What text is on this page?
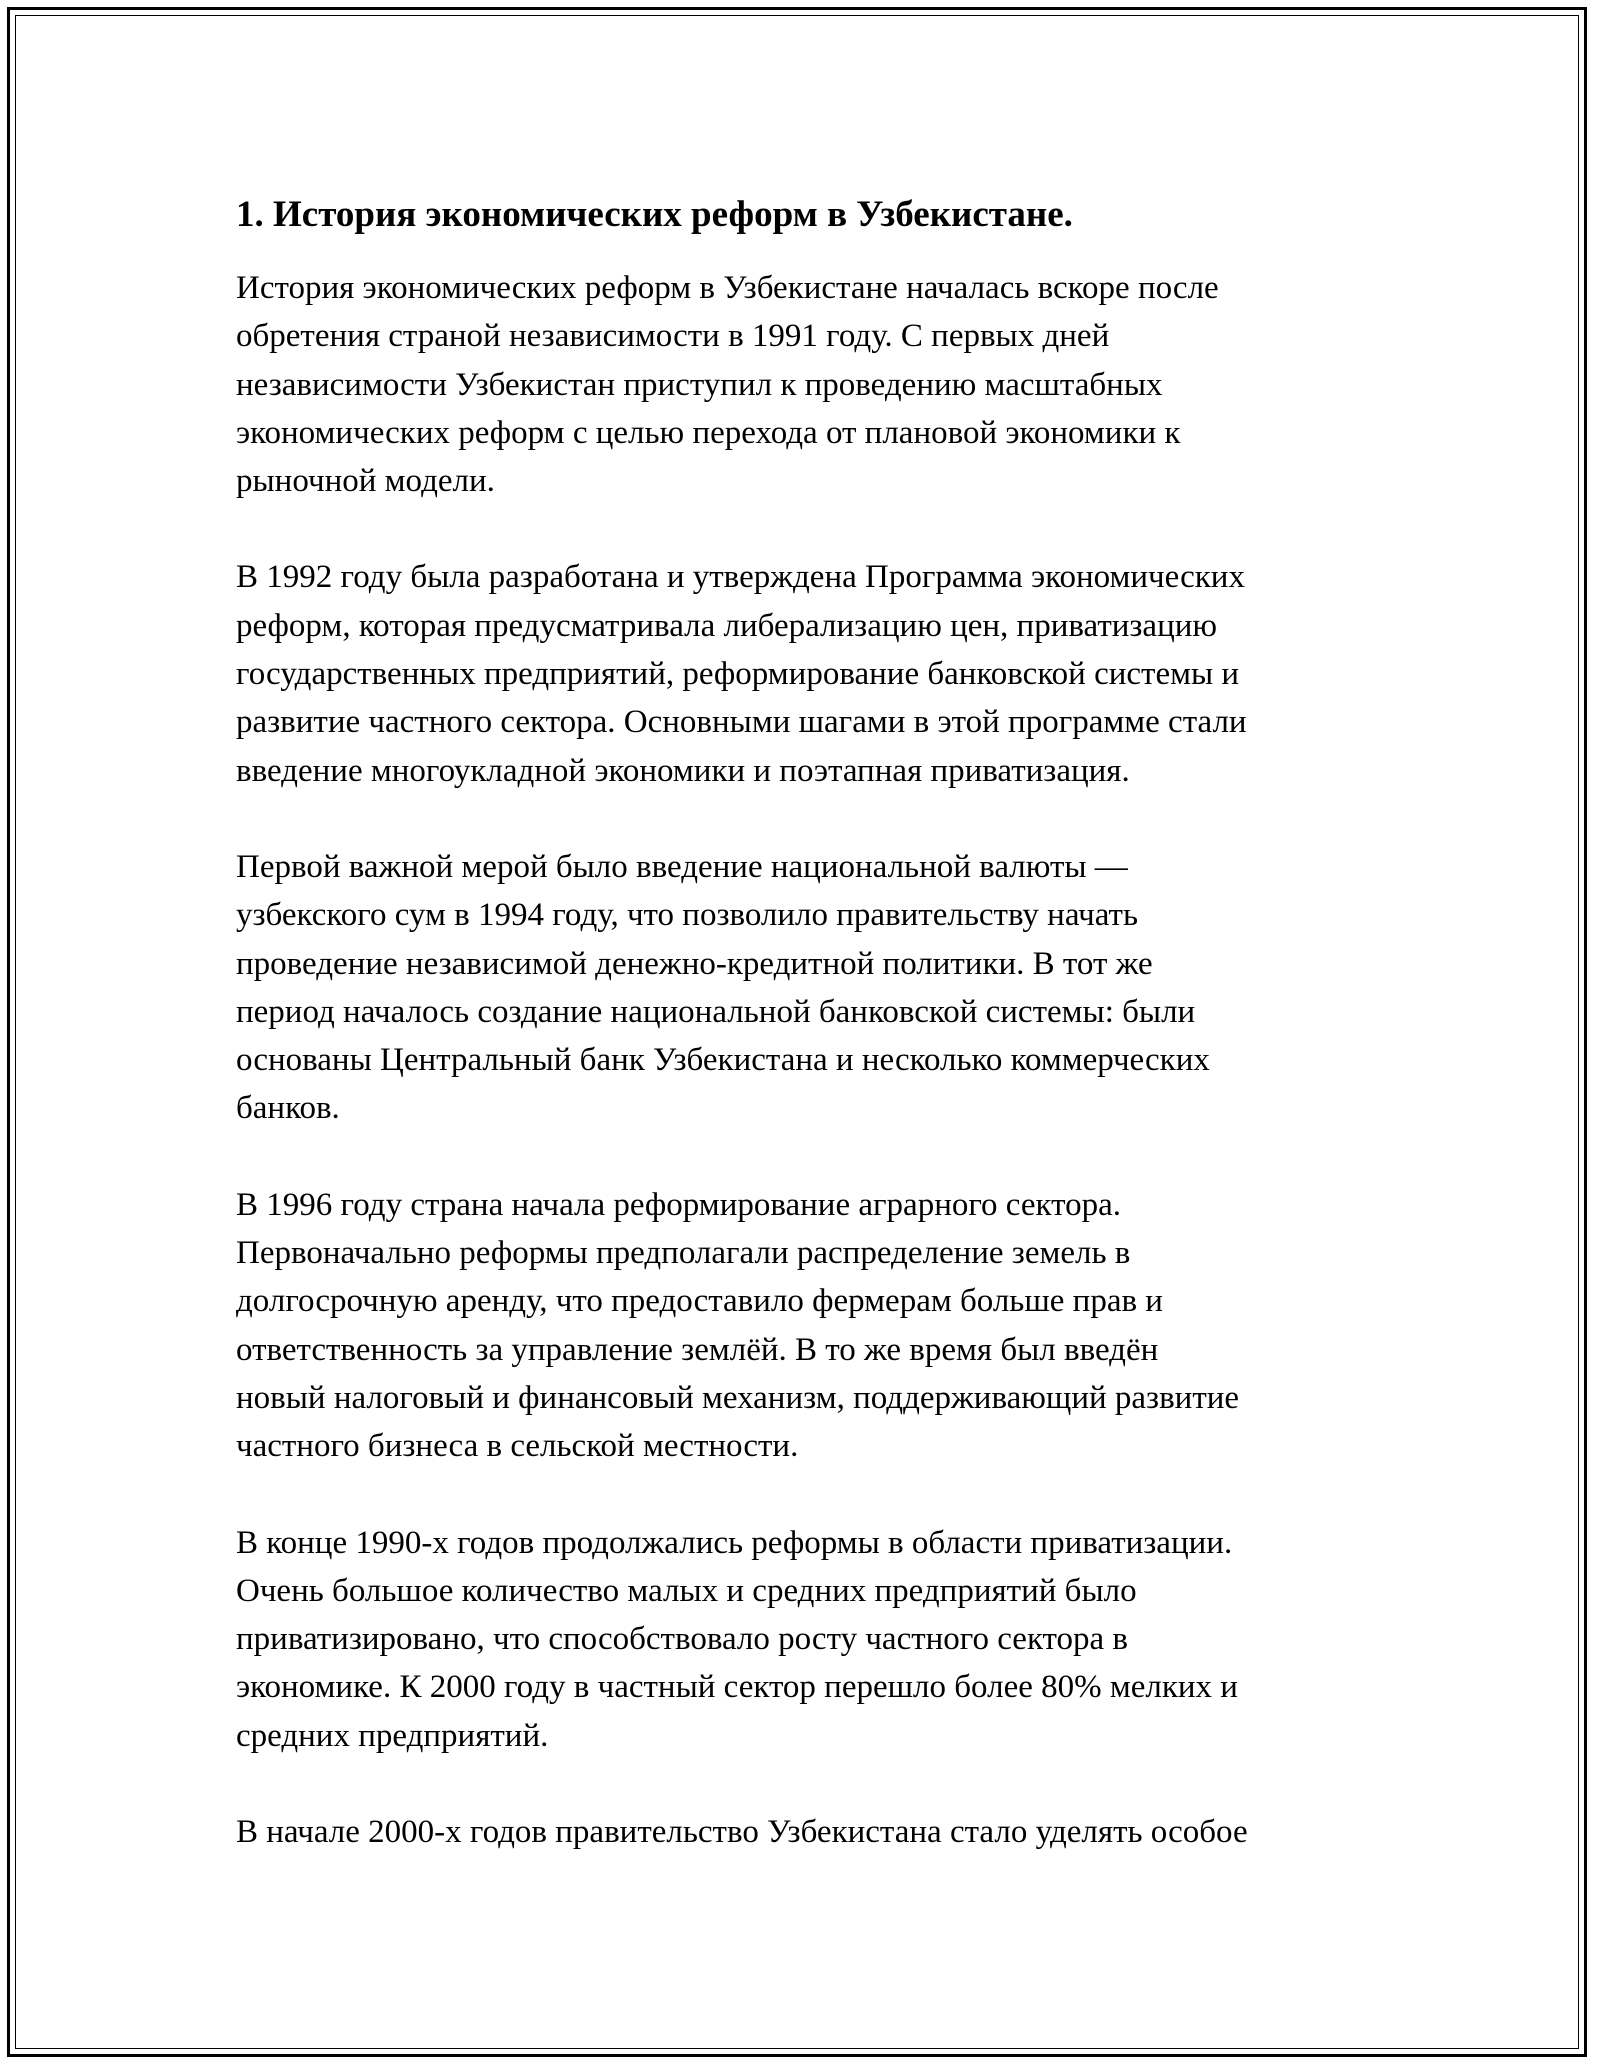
1. История экономических реформ в Узбекистане.

История экономических реформ в Узбекистане началась вскоре после
обретения страной независимости в 1991 году. С первых дней
независимости Узбекистан приступил к проведению масштабных
экономических реформ с целью перехода от плановой экономики к
рыночной модели.

В 1992 году была разработана и утверждена Программа экономических
реформ, которая предусматривала либерализацию цен, приватизацию
государственных предприятий, реформирование банковской системы и
развитие частного сектора. Основными шагами в этой программе стали
введение многоукладной экономики и поэтапная приватизация.

Первой важной мерой было введение национальной валюты —
узбекского сум в 1994 году, что позволило правительству начать
проведение независимой денежно-кредитной политики. В тот же
период началось создание национальной банковской системы: были
основаны Центральный банк Узбекистана и несколько коммерческих
банков.

В 1996 году страна начала реформирование аграрного сектора.
Первоначально реформы предполагали распределение земель в
долгосрочную аренду, что предоставило фермерам больше прав и
ответственность за управление землёй. В то же время был введён
новый налоговый и финансовый механизм, поддерживающий развитие
частного бизнеса в сельской местности.

В конце 1990-х годов продолжались реформы в области приватизации.
Очень большое количество малых и средних предприятий было
приватизировано, что способствовало росту частного сектора в
экономике. К 2000 году в частный сектор перешло более 80% мелких и
средних предприятий.

В начале 2000-х годов правительство Узбекистана стало уделять особое
